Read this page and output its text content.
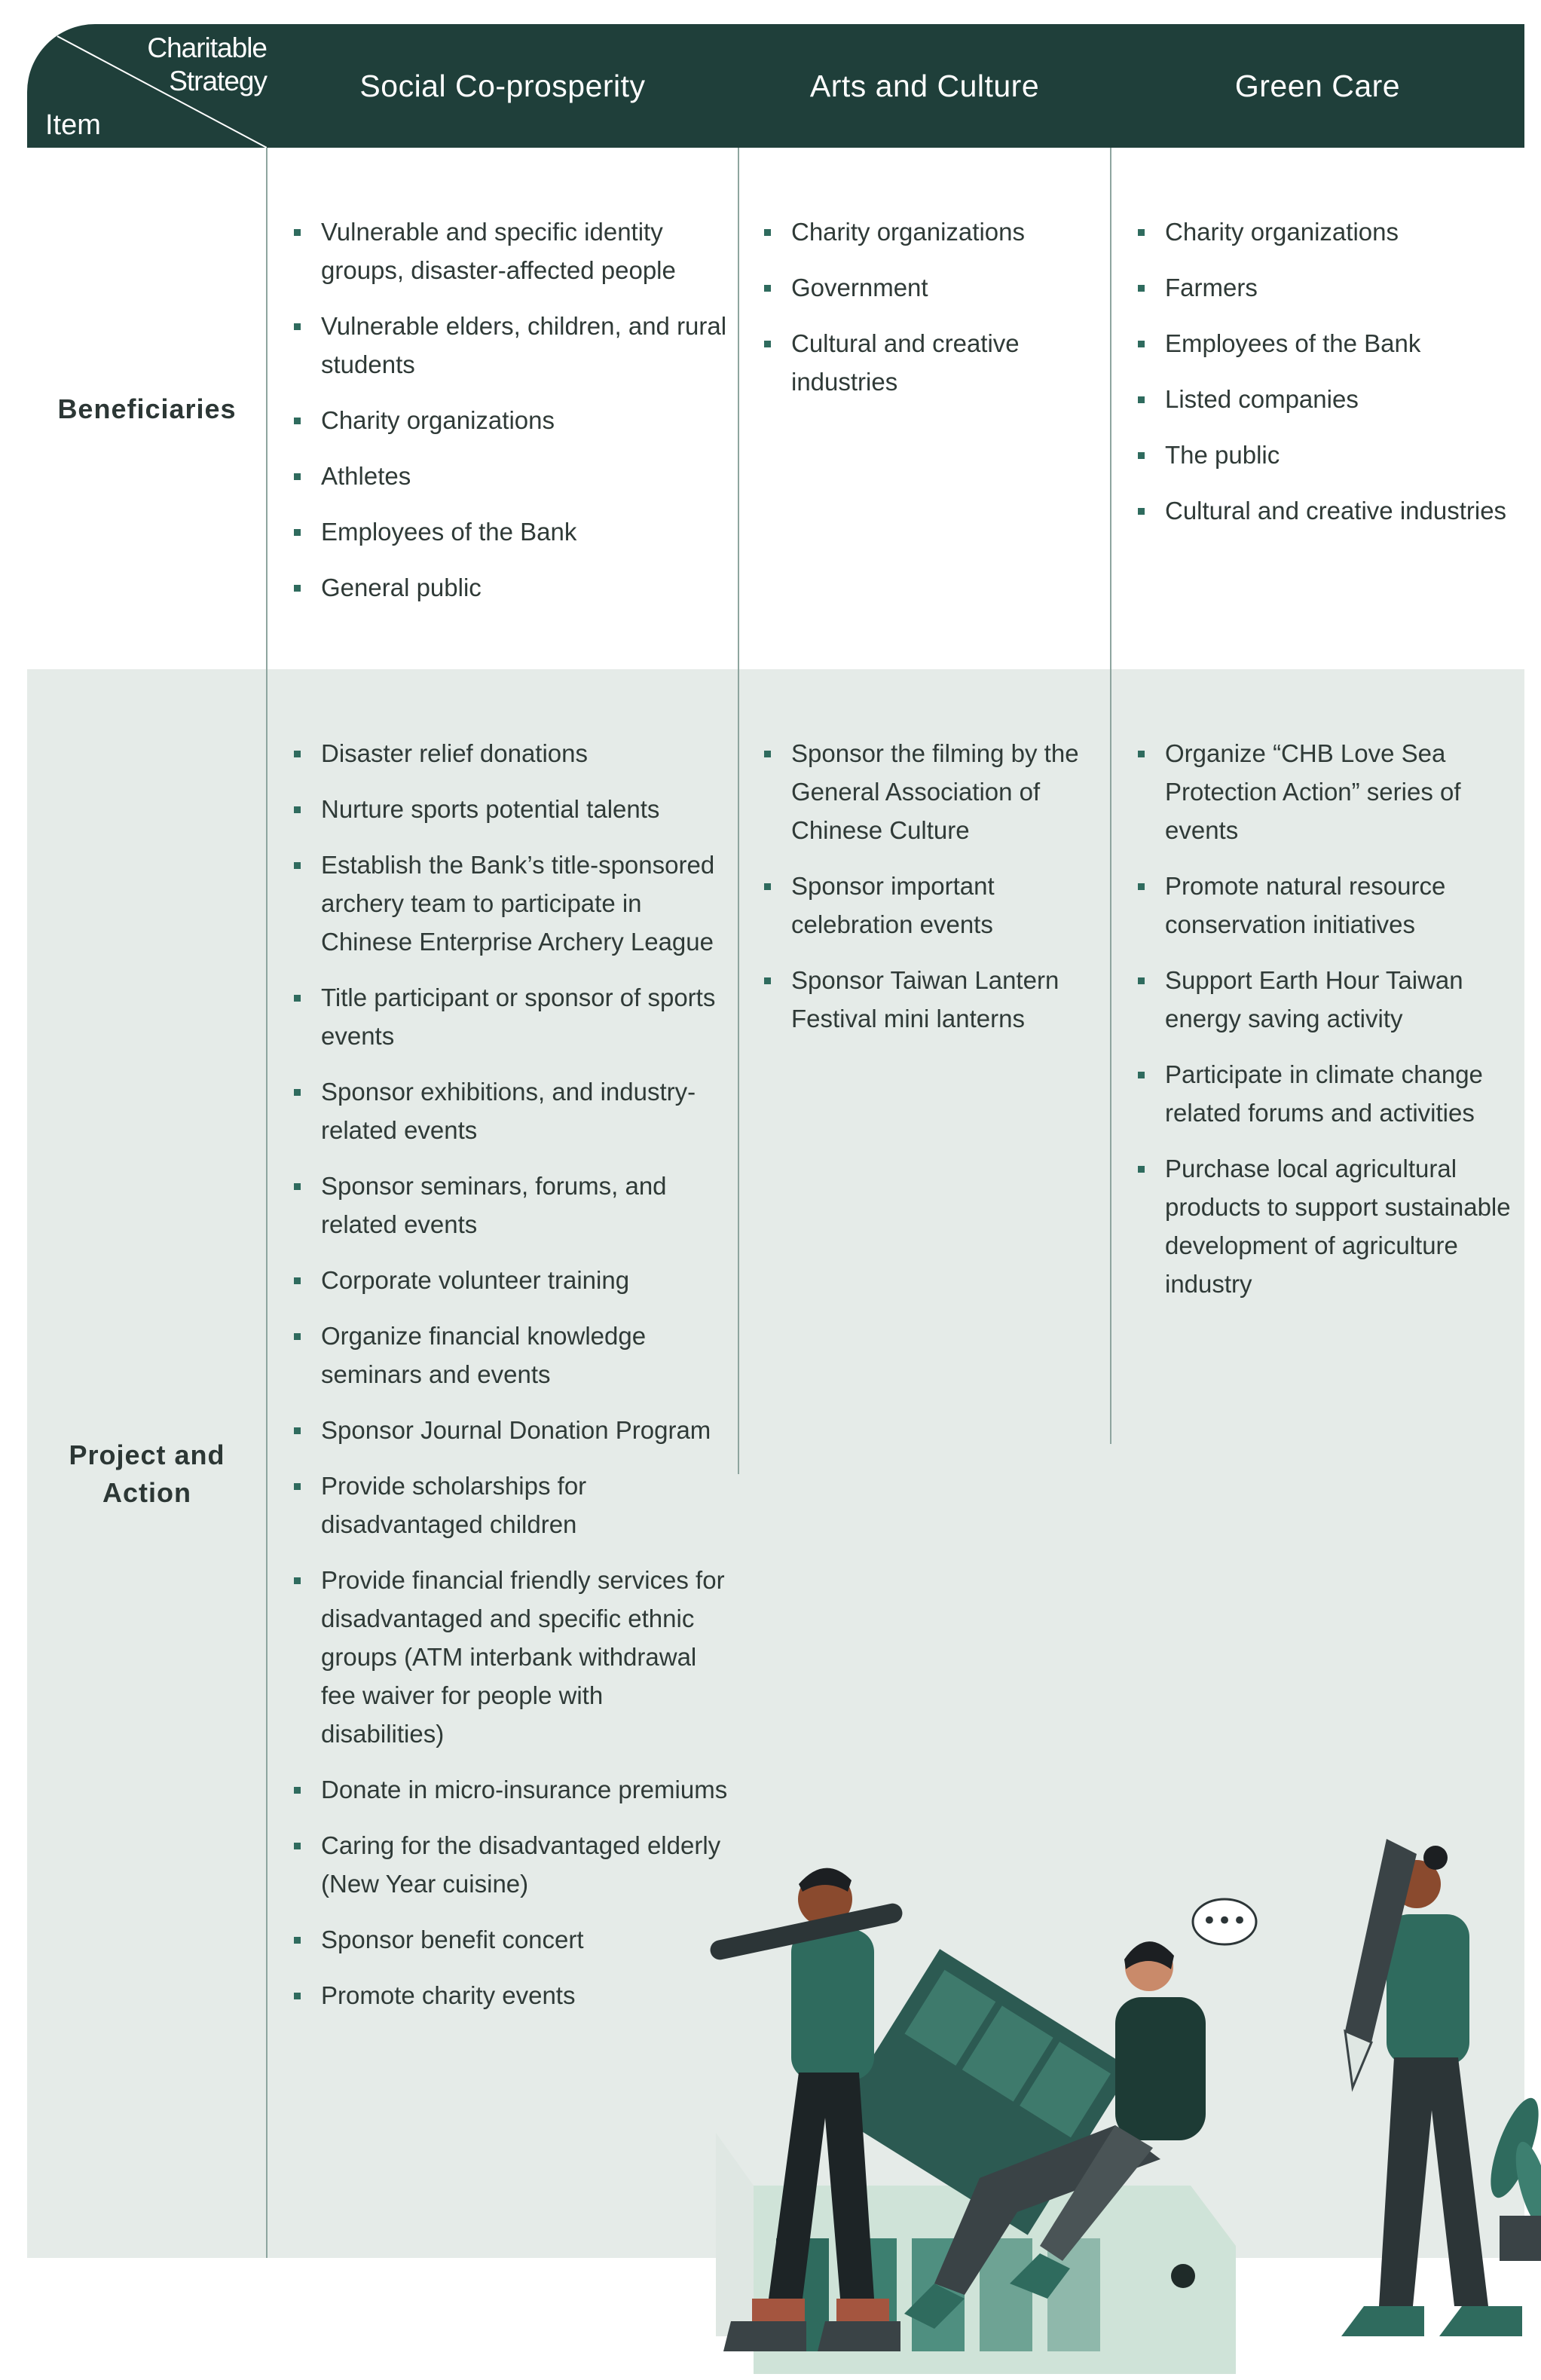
Charitable
Strategy
Item
Social Co-prosperity	Arts and Culture	Green Care
Beneficiaries
Project and
Action
Vulnerable and specific identity groups, disaster-affected people
Vulnerable elders, children, and rural students
Charity organizations
Athletes
Employees of the Bank
General public
Charity organizations
Government
Cultural and creative industries
Charity organizations
Farmers
Employees of the Bank
Listed companies
The public
Cultural and creative industries
Disaster relief donations
Nurture sports potential talents
Establish the Bank’s title-sponsored archery team to participate in Chinese Enterprise Archery League
Title participant or sponsor of sports events
Sponsor exhibitions, and industry-related events
Sponsor seminars, forums, and related events
Corporate volunteer training
Organize financial knowledge seminars and events
Sponsor Journal Donation Program
Provide scholarships for disadvantaged children
Provide financial friendly services for disadvantaged and specific ethnic groups (ATM interbank withdrawal fee waiver for people with disabilities)
Donate in micro-insurance premiums
Caring for the disadvantaged elderly (New Year cuisine)
Sponsor benefit concert
Promote charity events
Sponsor the filming by the General Association of Chinese Culture
Sponsor important celebration events
Sponsor Taiwan Lantern Festival mini lanterns
Organize “CHB Love Sea Protection Action” series of events
Promote natural resource conservation initiatives
Support Earth Hour Taiwan energy saving activity
Participate in climate change related forums and activities
Purchase local agricultural products to support sustainable development of agriculture industry
•••
